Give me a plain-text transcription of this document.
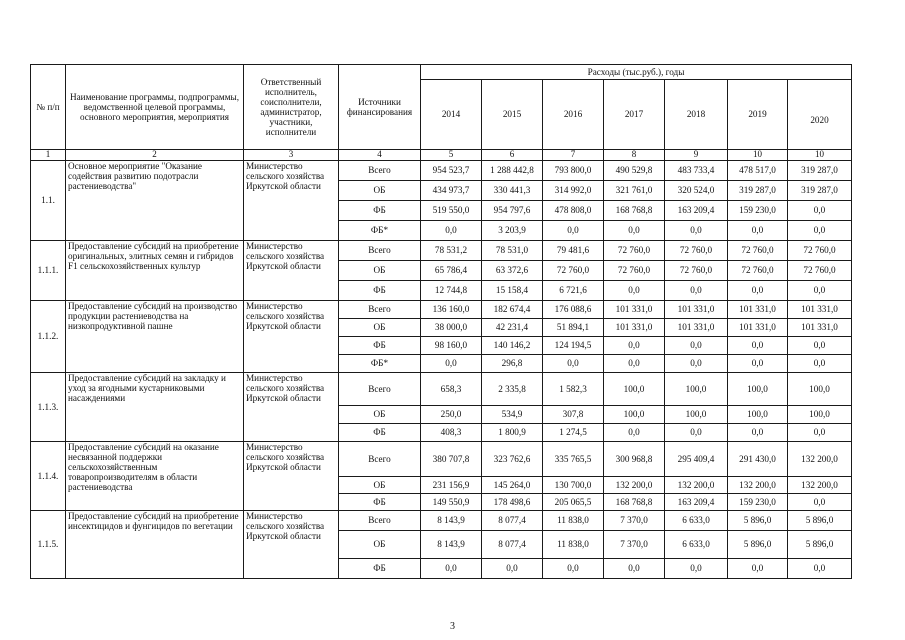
№ п/п	Наименование программы, подпрограммы, ведомственной целевой программы, основного мероприятия, мероприятия	Ответственный исполнитель, соисполнители, администратор, участники, исполнители	Источники финансирования	Расходы (тыс.руб.), годы						
				2014	2015	2016	2017	2018	2019	2020
1	2	3	4	5	6	7	8	9	10	10
1.1.	Основное мероприятие "Оказание содействия развитию подотрасли растениеводства"	Министерство сельского хозяйства Иркутской области	Всего	954 523,7	1 288 442,8	793 800,0	490 529,8	483 733,4	478 517,0	319 287,0
			ОБ	434 973,7	330 441,3	314 992,0	321 761,0	320 524,0	319 287,0	319 287,0
			ФБ	519 550,0	954 797,6	478 808,0	168 768,8	163 209,4	159 230,0	0,0
			ФБ*	0,0	3 203,9	0,0	0,0	0,0	0,0	0,0
1.1.1.	Предоставление субсидий на приобретение оригинальных, элитных семян и гибридов F1 сельскохозяйственных культур	Министерство сельского хозяйства Иркутской области	Всего	78 531,2	78 531,0	79 481,6	72 760,0	72 760,0	72 760,0	72 760,0
			ОБ	65 786,4	63 372,6	72 760,0	72 760,0	72 760,0	72 760,0	72 760,0
			ФБ	12 744,8	15 158,4	6 721,6	0,0	0,0	0,0	0,0
1.1.2.	Предоставление субсидий на производство продукции растениеводства на низкопродуктивной пашне	Министерство сельского хозяйства Иркутской области	Всего	136 160,0	182 674,4	176 088,6	101 331,0	101 331,0	101 331,0	101 331,0
			ОБ	38 000,0	42 231,4	51 894,1	101 331,0	101 331,0	101 331,0	101 331,0
			ФБ	98 160,0	140 146,2	124 194,5	0,0	0,0	0,0	0,0
			ФБ*	0,0	296,8	0,0	0,0	0,0	0,0	0,0
1.1.3.	Предоставление субсидий на закладку и уход за ягодными кустарниковыми насаждениями	Министерство сельского хозяйства Иркутской области	Всего	658,3	2 335,8	1 582,3	100,0	100,0	100,0	100,0
			ОБ	250,0	534,9	307,8	100,0	100,0	100,0	100,0
			ФБ	408,3	1 800,9	1 274,5	0,0	0,0	0,0	0,0
1.1.4.	Предоставление субсидий на оказание несвязанной поддержки сельскохозяйственным товаропроизводителям в области растениеводства	Министерство сельского хозяйства Иркутской области	Всего	380 707,8	323 762,6	335 765,5	300 968,8	295 409,4	291 430,0	132 200,0
			ОБ	231 156,9	145 264,0	130 700,0	132 200,0	132 200,0	132 200,0	132 200,0
			ФБ	149 550,9	178 498,6	205 065,5	168 768,8	163 209,4	159 230,0	0,0
1.1.5.	Предоставление субсидий на приобретение инсектицидов и фунгицидов по вегетации	Министерство сельского хозяйства Иркутской области	Всего	8 143,9	8 077,4	11 838,0	7 370,0	6 633,0	5 896,0	5 896,0
			ОБ	8 143,9	8 077,4	11 838,0	7 370,0	6 633,0	5 896,0	5 896,0
			ФБ	0,0	0,0	0,0	0,0	0,0	0,0	0,0
3
